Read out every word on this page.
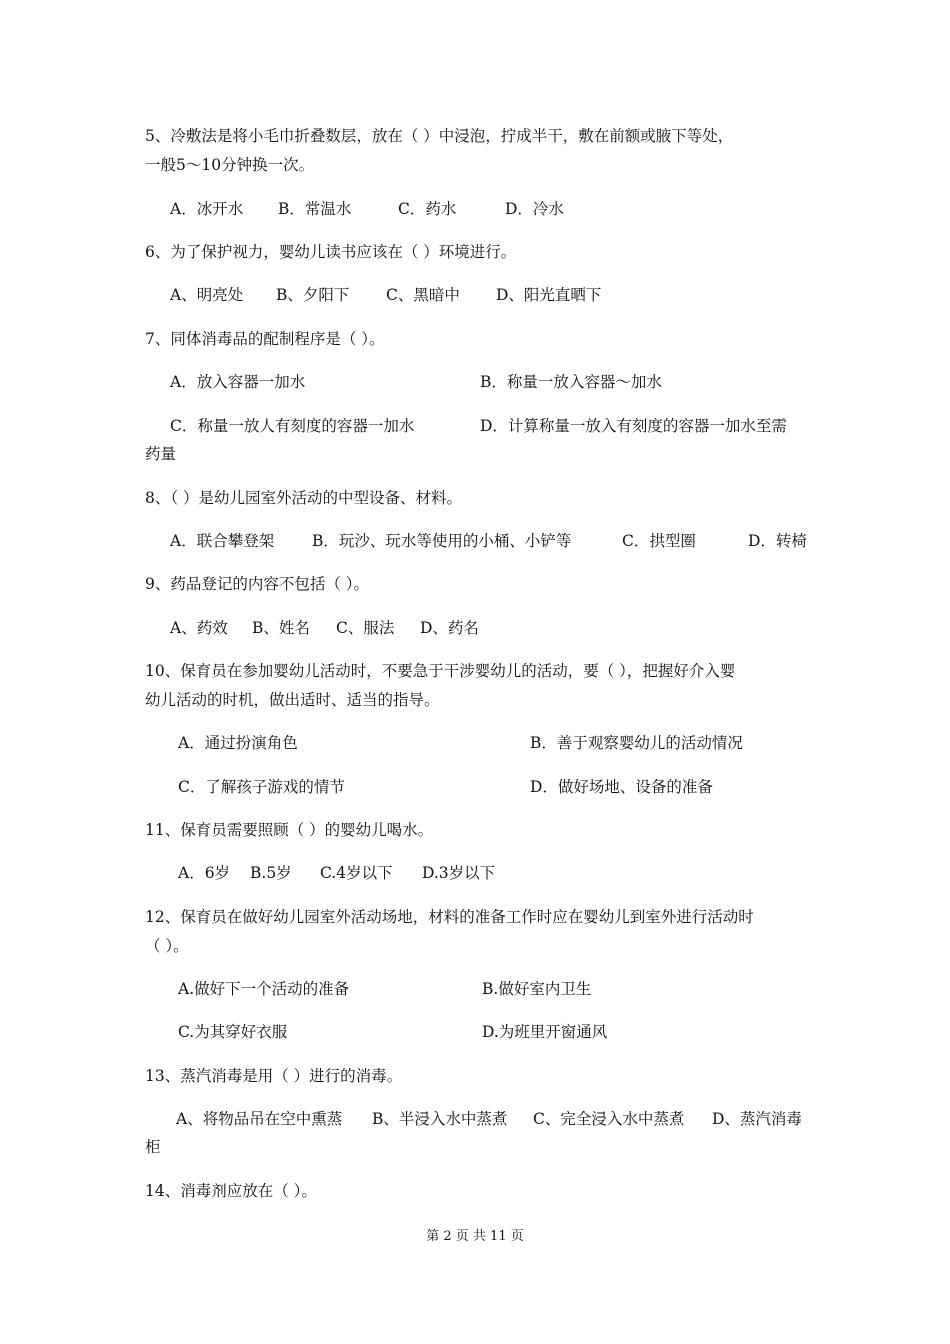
5、冷敷法是将小毛巾折叠数层，放在（ ）中浸泡，拧成半干，敷在前额或腋下等处，
一般5～10分钟换一次。
A．冰开水 B．常温水	C．药水	D．冷水
6、为了保护视力，婴幼儿读书应该在（ ）环境进行。
A、明亮处 B、夕阳下 C、黑暗中 D、阳光直晒下
7、同体消毒品的配制程序是（ ）。
A．放入容器一加水	B．称量一放入容器～加水
C．称量一放人有刻度的容器一加水	D．计算称量一放入有刻度的容器一加水至需
药量
8、（ ）是幼儿园室外活动的中型设备、材料。
A．联合攀登架 B．玩沙、玩水等使用的小桶、小铲等	C．拱型圈	D．转椅
9、药品登记的内容不包括（ ）。
A、药效 B、姓名 C、服法 D、药名
10、保育员在参加婴幼儿活动时，不要急于干涉婴幼儿的活动，要（ ），把握好介入婴
幼儿活动的时机，做出适时、适当的指导。
A．通过扮演角色	B．善于观察婴幼儿的活动情况
C．了解孩子游戏的情节	D．做好场地、设备的准备
11、保育员需要照顾（ ）的婴幼儿喝水。
A．6岁 B.5岁 C.4岁以下 D.3岁以下
12、保育员在做好幼儿园室外活动场地，材料的准备工作时应在婴幼儿到室外进行活动时
（ ）。
A.做好下一个活动的准备	B.做好室内卫生
C.为其穿好衣服	D.为班里开窗通风
13、蒸汽消毒是用（ ）进行的消毒。
A、将物品吊在空中熏蒸 B、半浸入水中蒸煮 C、完全浸入水中蒸煮 D、蒸汽消毒
柜
14、消毒剂应放在（ ）。
第 2 页 共 11 页
